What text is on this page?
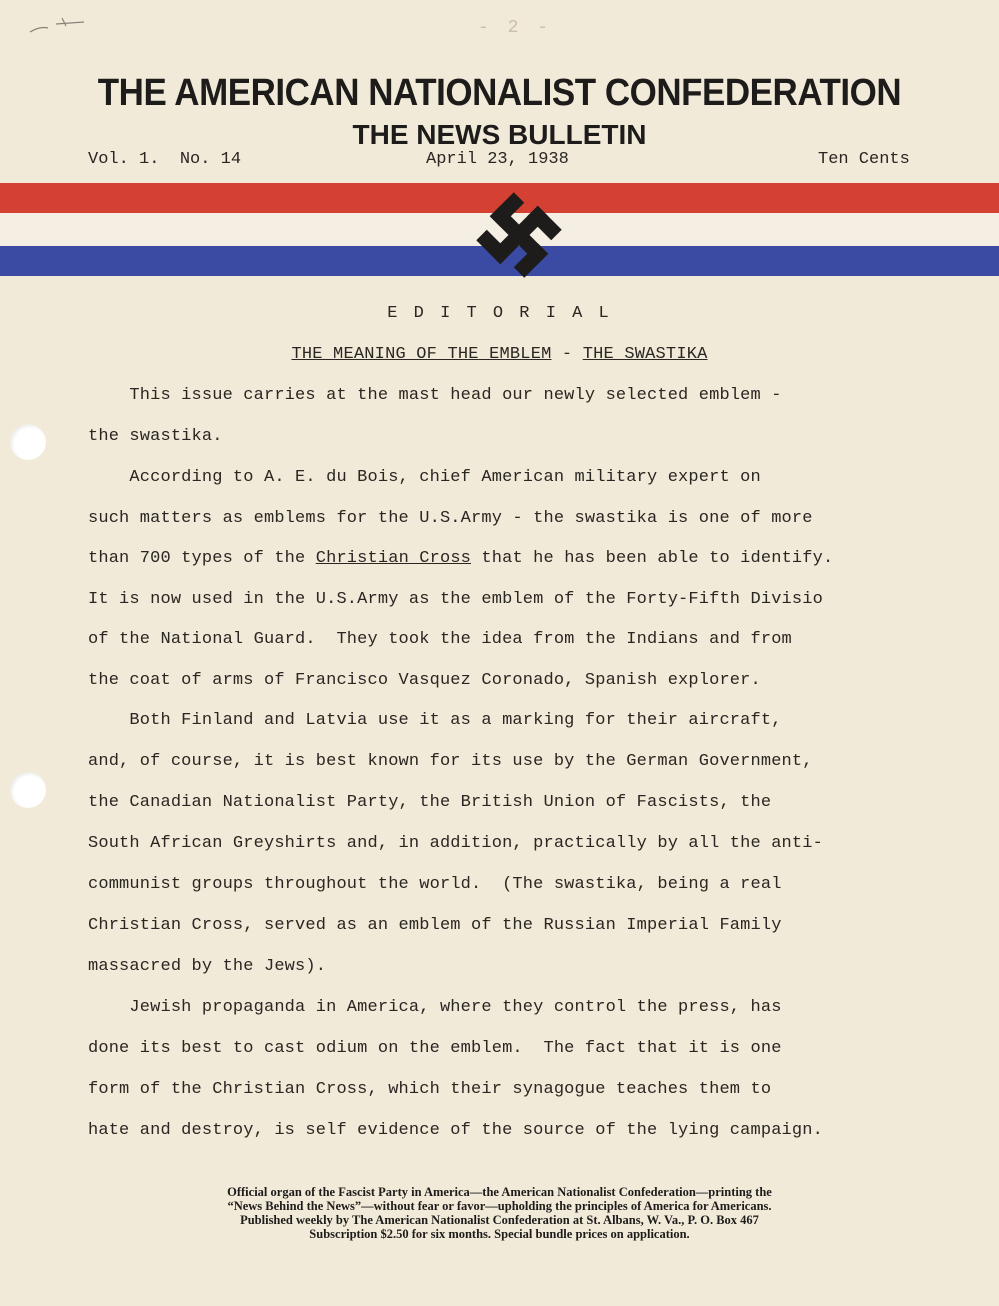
- 2 -
THE AMERICAN NATIONALIST CONFEDERATION
THE NEWS BULLETIN
Vol. 1. No. 14	April 23, 1938	Ten Cents
E D I T O R I A L
THE MEANING OF THE EMBLEM - THE SWASTIKA
This issue carries at the mast head our newly selected emblem -
the swastika.
According to A. E. du Bois, chief American military expert on
such matters as emblems for the U.S.Army - the swastika is one of more
than 700 types of the Christian Cross that he has been able to identify.
It is now used in the U.S.Army as the emblem of the Forty-Fifth Divisio
of the National Guard.  They took the idea from the Indians and from
the coat of arms of Francisco Vasquez Coronado, Spanish explorer.
Both Finland and Latvia use it as a marking for their aircraft,
and, of course, it is best known for its use by the German Government,
the Canadian Nationalist Party, the British Union of Fascists, the
South African Greyshirts and, in addition, practically by all the anti-
communist groups throughout the world.  (The swastika, being a real
Christian Cross, served as an emblem of the Russian Imperial Family
massacred by the Jews).
Jewish propaganda in America, where they control the press, has
done its best to cast odium on the emblem.  The fact that it is one
form of the Christian Cross, which their synagogue teaches them to
hate and destroy, is self evidence of the source of the lying campaign.
Official organ of the Fascist Party in America—the American Nationalist Confederation—printing the
“News Behind the News”—without fear or favor—upholding the principles of America for Americans.
Published weekly by The American Nationalist Confederation at St. Albans, W. Va., P. O. Box 467
Subscription $2.50 for six months. Special bundle prices on application.
